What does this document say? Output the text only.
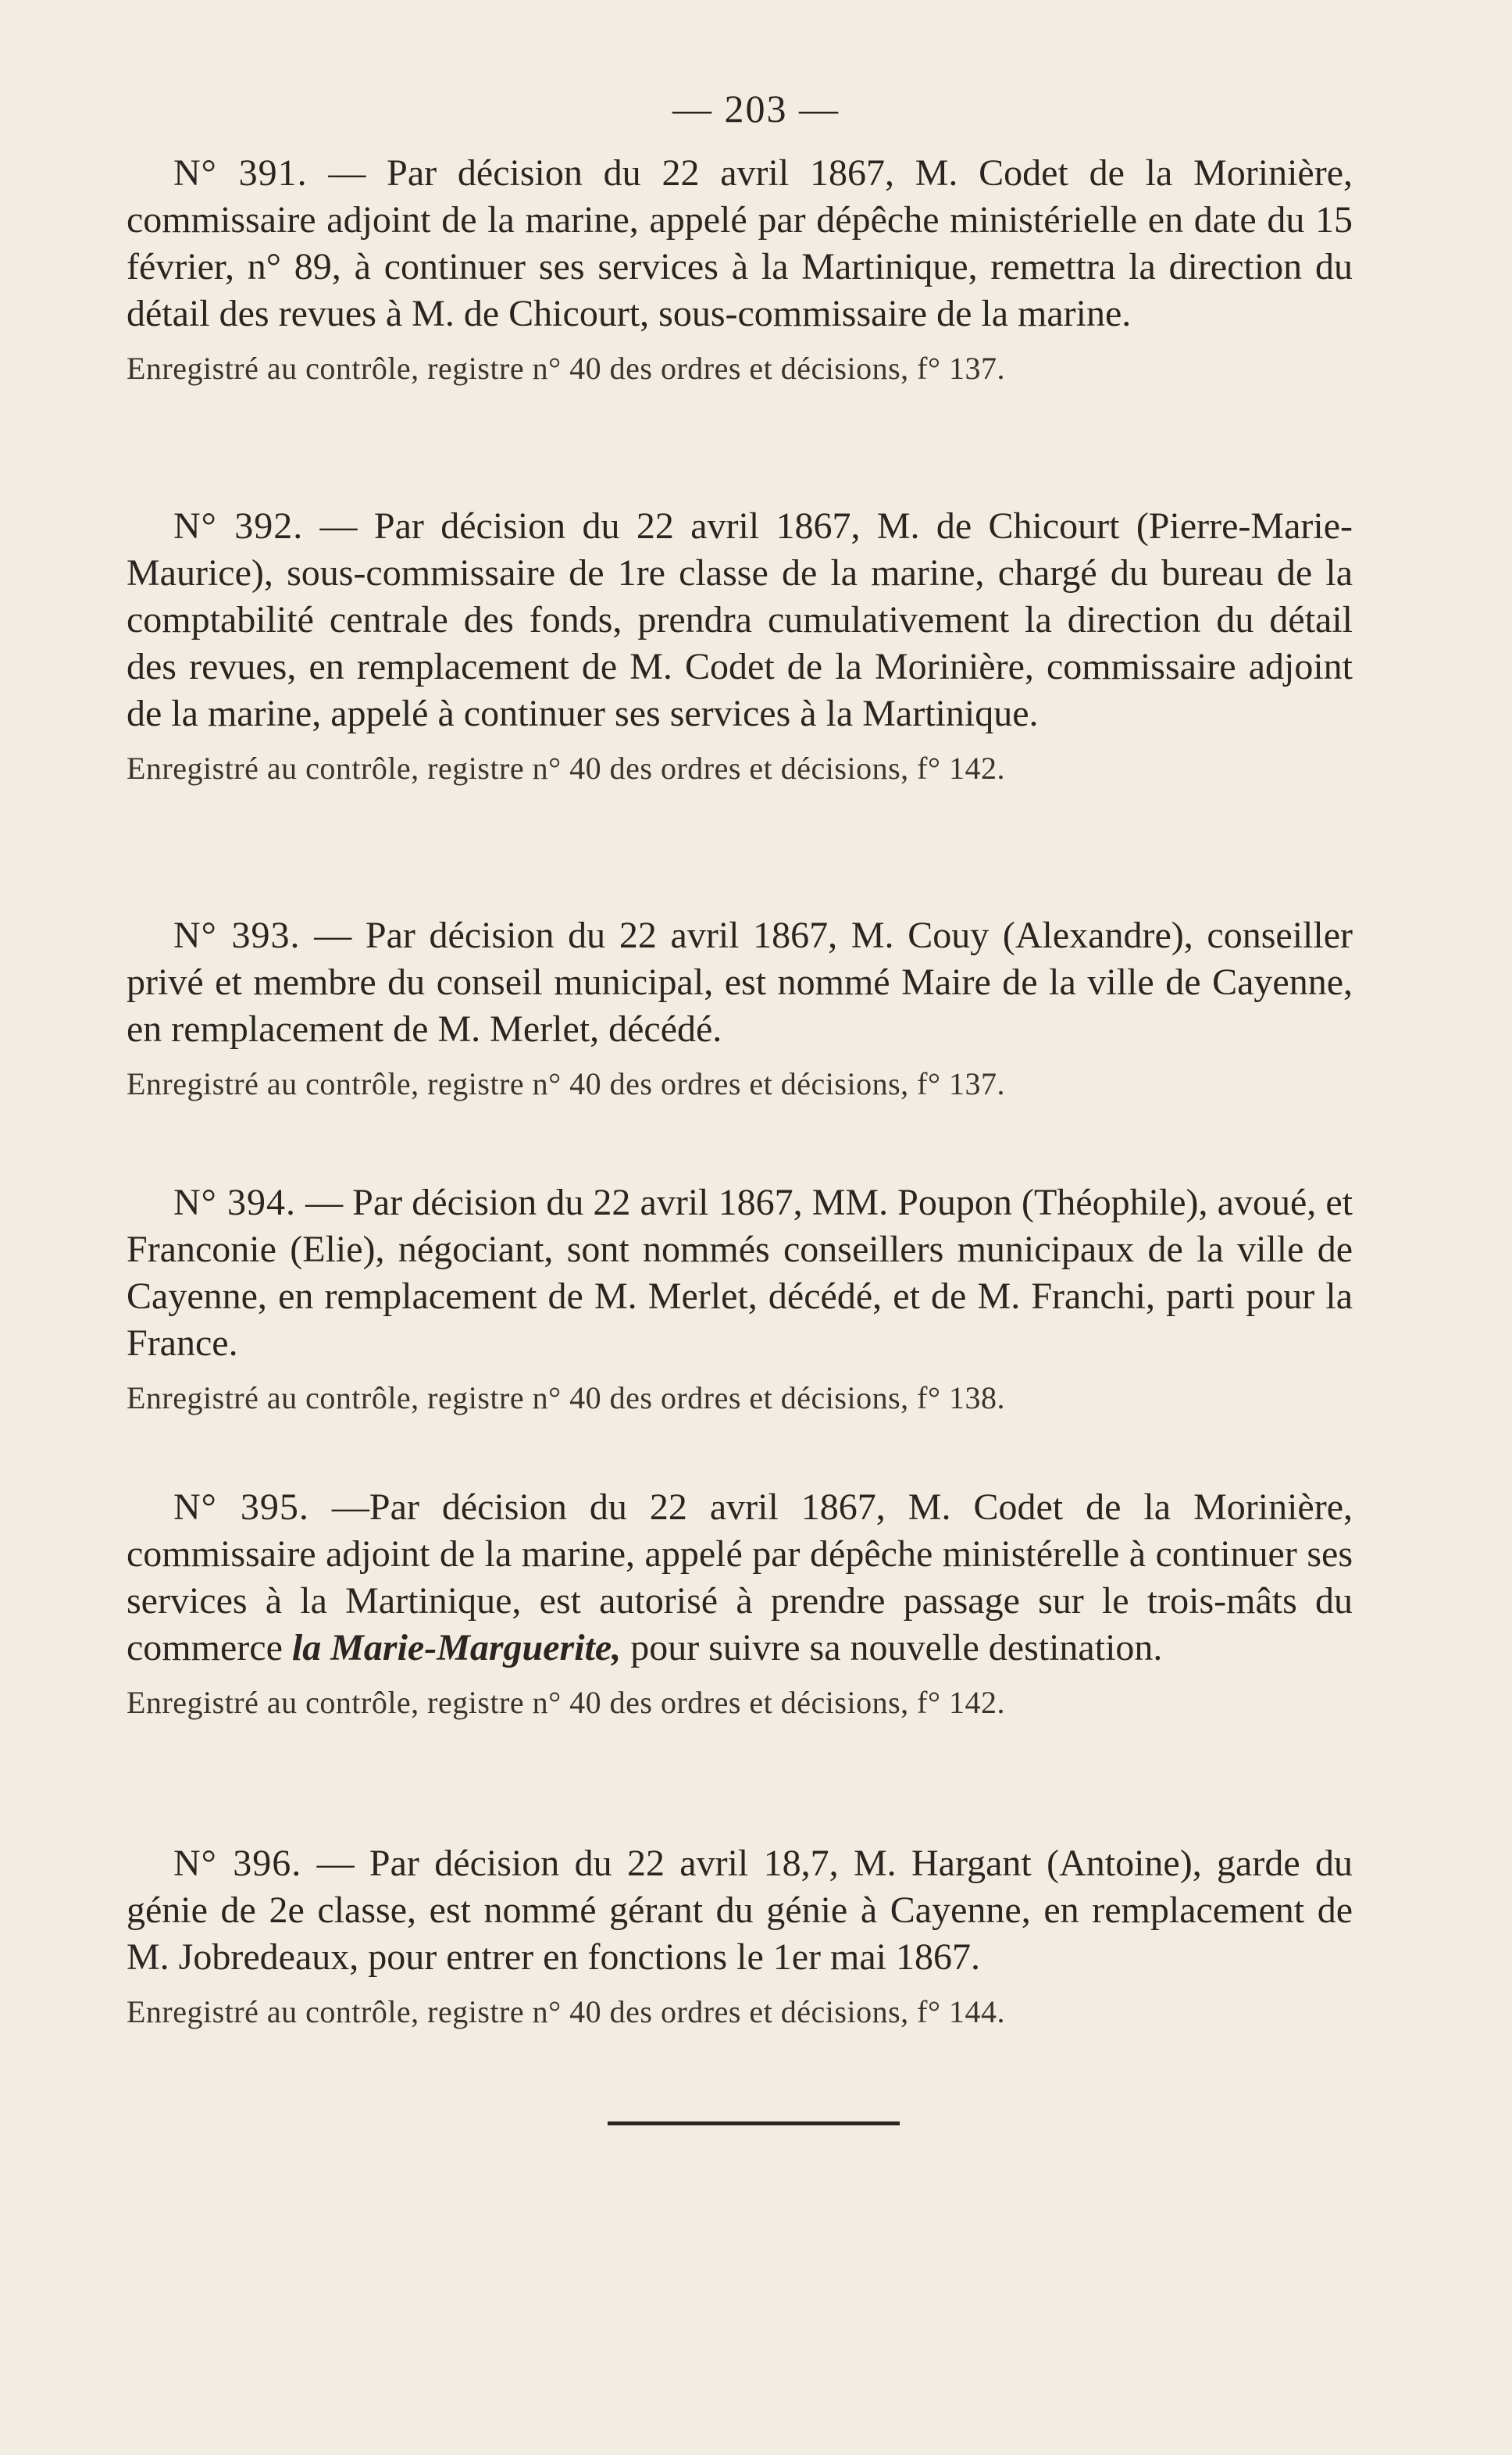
— 203 —

N° 391. — Par décision du 22 avril 1867, M. Codet de la Morinière, commissaire adjoint de la marine, appelé par dépêche ministérielle en date du 15 février, n° 89, à continuer ses services à la Martinique, remettra la direction du détail des revues à M. de Chicourt, sous-commissaire de la marine.

Enregistré au contrôle, registre n° 40 des ordres et décisions, f° 137.

N° 392. — Par décision du 22 avril 1867, M. de Chicourt (Pierre-Marie-Maurice), sous-commissaire de 1re classe de la marine, chargé du bureau de la comptabilité centrale des fonds, prendra cumulativement la direction du détail des revues, en remplacement de M. Codet de la Morinière, commissaire adjoint de la marine, appelé à continuer ses services à la Martinique.

Enregistré au contrôle, registre n° 40 des ordres et décisions, f° 142.

N° 393. — Par décision du 22 avril 1867, M. Couy (Alexandre), conseiller privé et membre du conseil municipal, est nommé Maire de la ville de Cayenne, en remplacement de M. Merlet, décédé.

Enregistré au contrôle, registre n° 40 des ordres et décisions, f° 137.

N° 394. — Par décision du 22 avril 1867, MM. Poupon (Théophile), avoué, et Franconie (Elie), négociant, sont nommés conseillers municipaux de la ville de Cayenne, en remplacement de M. Merlet, décédé, et de M. Franchi, parti pour la France.

Enregistré au contrôle, registre n° 40 des ordres et décisions, f° 138.

N° 395. —Par décision du 22 avril 1867, M. Codet de la Morinière, commissaire adjoint de la marine, appelé par dépêche ministérelle à continuer ses services à la Martinique, est autorisé à prendre passage sur le trois-mâts du commerce la Marie-Marguerite, pour suivre sa nouvelle destination.

Enregistré au contrôle, registre n° 40 des ordres et décisions, f° 142.

N° 396. — Par décision du 22 avril 18,7, M. Hargant (Antoine), garde du génie de 2e classe, est nommé gérant du génie à Cayenne, en remplacement de M. Jobredeaux, pour entrer en fonctions le 1er mai 1867.

Enregistré au contrôle, registre n° 40 des ordres et décisions, f° 144.
